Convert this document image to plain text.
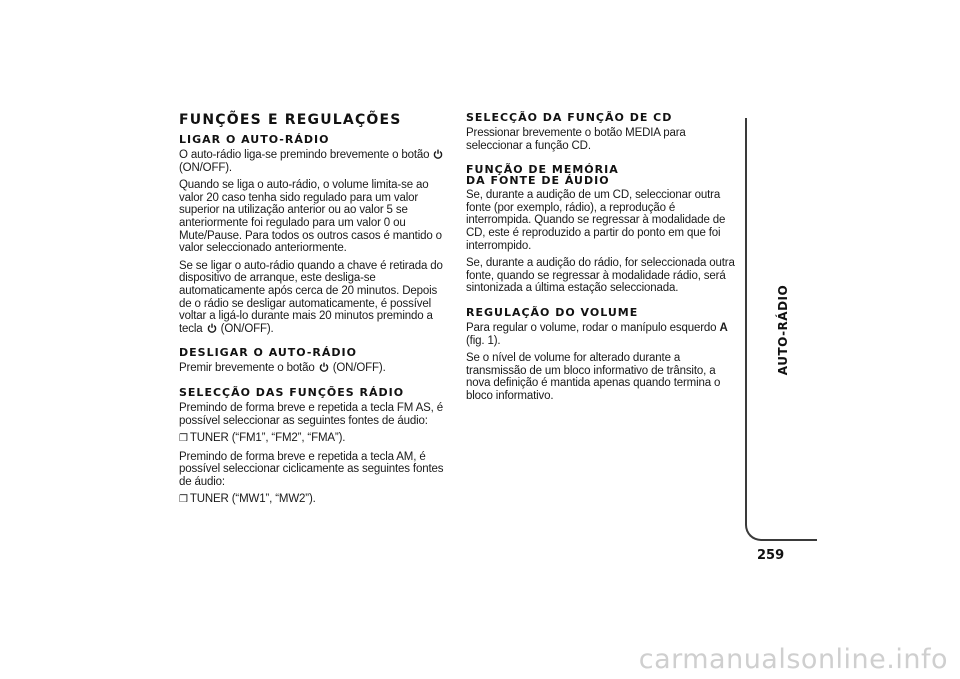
FUNÇÕES E REGULAÇÕES
LIGAR O AUTO-RÁDIO

O auto-rádio liga-se premindo brevemente o botão  (ON/OFF).

Quando se liga o auto-rádio, o volume limita-se ao valor 20 caso tenha sido regulado para um valor superior na utilização anterior ou ao valor 5 se anteriormente foi regulado para um valor 0 ou Mute/Pause. Para todos os outros casos é mantido o valor seleccionado anteriormente.

Se se ligar o auto-rádio quando a chave é retirada do dispositivo de arranque, este desliga-se automaticamente após cerca de 20 minutos. Depois de o rádio se desligar automaticamente, é possível voltar a ligá-lo durante mais 20 minutos premindo a tecla (ON/OFF).

DESLIGAR O AUTO-RÁDIO

Premir brevemente o botão (ON/OFF).

SELECÇÃO DAS FUNÇÕES RÁDIO

Premindo de forma breve e repetida a tecla FM AS, é possível seleccionar as seguintes fontes de áudio:

❒ TUNER (“FM1”, “FM2”, “FMA”).

Premindo de forma breve e repetida a tecla AM, é possível seleccionar ciclicamente as seguintes fontes de áudio:

❒ TUNER (“MW1”, “MW2”).

SELECÇÃO DA FUNÇÃO DE CD

Pressionar brevemente o botão MEDIA para seleccionar a função CD.

FUNÇÃO DE MEMÓRIA
DA FONTE DE ÁUDIO

Se, durante a audição de um CD, seleccionar outra fonte (por exemplo, rádio), a reprodução é interrompida. Quando se regressar à modalidade de CD, este é reproduzido a partir do ponto em que foi interrompido.

Se, durante a audição do rádio, for seleccionada outra fonte, quando se regressar à modalidade rádio, será sintonizada a última estação seleccionada.

REGULAÇÃO DO VOLUME

Para regular o volume, rodar o manípulo esquerdo A (fig. 1).

Se o nível de volume for alterado durante a transmissão de um bloco informativo de trânsito, a nova definição é mantida apenas quando termina o bloco informativo.

AUTO-RÁDIO
259
carmanualsonline.info
